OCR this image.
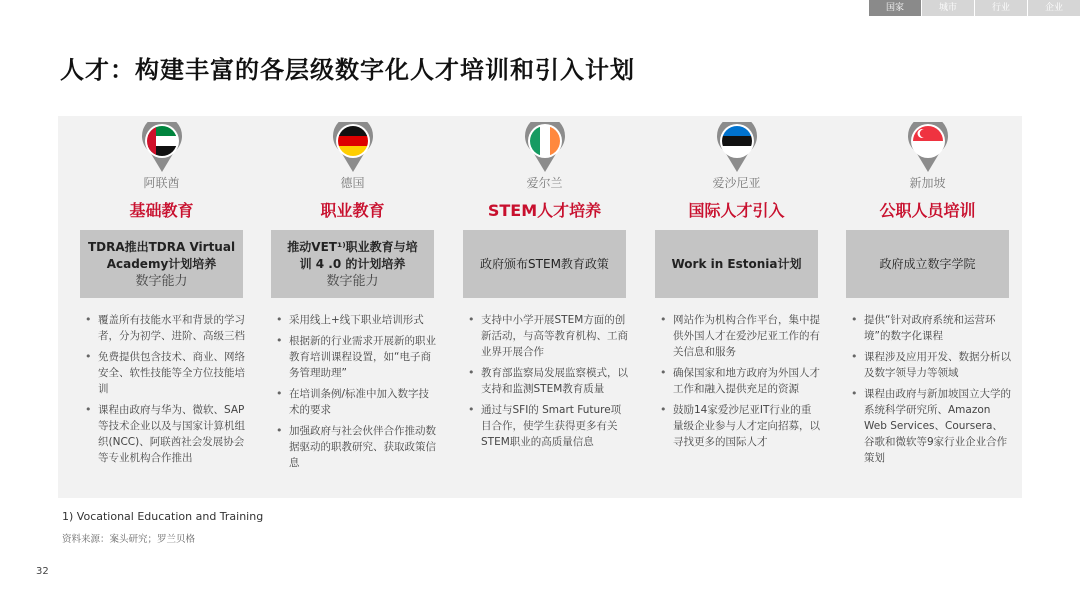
国家	城市	行业	企业
人才：构建丰富的各层级数字化人才培训和引入计划
阿联酋
基础教育
TDRA推出TDRA Virtual
Academy计划培养
数字能力
• 覆盖所有技能水平和背景的学习者，分为初学、进阶、高级三档
• 免费提供包含技术、商业、网络安全、软性技能等全方位技能培训
• 课程由政府与华为、微软、SAP等技术企业以及与国家计算机组织(NCC)、阿联酋社会发展协会等专业机构合作推出
德国
职业教育
推动VET¹⁾职业教育与培
训 4 .0 的计划培养
数字能力
• 采用线上+线下职业培训形式
• 根据新的行业需求开展新的职业教育培训课程设置，如“电子商务管理助理”
• 在培训条例/标准中加入数字技术的要求
• 加强政府与社会伙伴合作推动数据驱动的职教研究、获取政策信息
爱尔兰
STEM人才培养
政府颁布STEM教育政策
• 支持中小学开展STEM方面的创新活动，与高等教育机构、工商业界开展合作
• 教育部监察局发展监察模式，以支持和监测STEM教育质量
• 通过与SFI的 Smart Future项目合作，使学生获得更多有关STEM职业的高质量信息
爱沙尼亚
国际人才引入
Work in Estonia计划
• 网站作为机构合作平台，集中提供外国人才在爱沙尼亚工作的有关信息和服务
• 确保国家和地方政府为外国人才工作和融入提供充足的资源
• 鼓励14家爱沙尼亚IT行业的重量级企业参与人才定向招募，以寻找更多的国际人才
新加坡
公职人员培训
政府成立数字学院
• 提供“针对政府系统和运营环境”的数字化课程
• 课程涉及应用开发、数据分析以及数字领导力等领域
• 课程由政府与新加坡国立大学的系统科学研究所、Amazon Web Services、Coursera、谷歌和微软等9家行业企业合作策划
1) Vocational Education and Training
资料来源：案头研究；罗兰贝格
32
